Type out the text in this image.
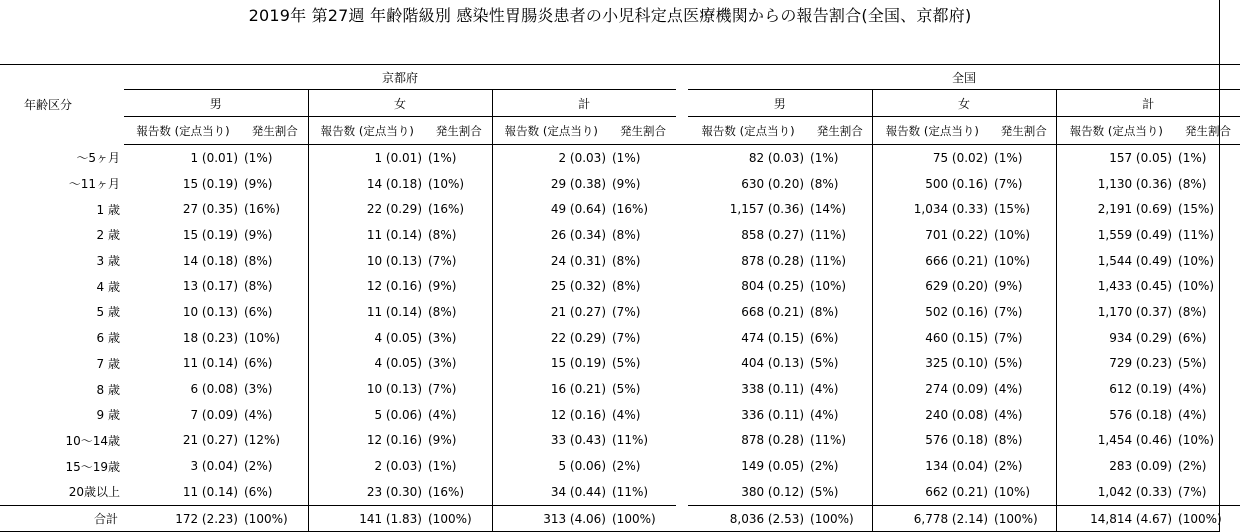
2019年 第27週 年齢階級別 感染性胃腸炎患者の小児科定点医療機関からの報告割合(全国、京都府)
年齢区分	京都府							全国					
	男		女		計			男		女		計	
	報告数 (定点当り)	発生割合	報告数 (定点当り)	発生割合	報告数 (定点当り)	発生割合		報告数 (定点当り)	発生割合	報告数 (定点当り)	発生割合	報告数 (定点当り)	発生割合
～5ヶ月	1 (0.01)	(1%)	1 (0.01)	(1%)	2 (0.03)	(1%)		82 (0.03)	(1%)	75 (0.02)	(1%)	157 (0.05)	(1%)
～11ヶ月	15 (0.19)	(9%)	14 (0.18)	(10%)	29 (0.38)	(9%)		630 (0.20)	(8%)	500 (0.16)	(7%)	1,130 (0.36)	(8%)
1 歳	27 (0.35)	(16%)	22 (0.29)	(16%)	49 (0.64)	(16%)		1,157 (0.36)	(14%)	1,034 (0.33)	(15%)	2,191 (0.69)	(15%)
2 歳	15 (0.19)	(9%)	11 (0.14)	(8%)	26 (0.34)	(8%)		858 (0.27)	(11%)	701 (0.22)	(10%)	1,559 (0.49)	(11%)
3 歳	14 (0.18)	(8%)	10 (0.13)	(7%)	24 (0.31)	(8%)		878 (0.28)	(11%)	666 (0.21)	(10%)	1,544 (0.49)	(10%)
4 歳	13 (0.17)	(8%)	12 (0.16)	(9%)	25 (0.32)	(8%)		804 (0.25)	(10%)	629 (0.20)	(9%)	1,433 (0.45)	(10%)
5 歳	10 (0.13)	(6%)	11 (0.14)	(8%)	21 (0.27)	(7%)		668 (0.21)	(8%)	502 (0.16)	(7%)	1,170 (0.37)	(8%)
6 歳	18 (0.23)	(10%)	4 (0.05)	(3%)	22 (0.29)	(7%)		474 (0.15)	(6%)	460 (0.15)	(7%)	934 (0.29)	(6%)
7 歳	11 (0.14)	(6%)	4 (0.05)	(3%)	15 (0.19)	(5%)		404 (0.13)	(5%)	325 (0.10)	(5%)	729 (0.23)	(5%)
8 歳	6 (0.08)	(3%)	10 (0.13)	(7%)	16 (0.21)	(5%)		338 (0.11)	(4%)	274 (0.09)	(4%)	612 (0.19)	(4%)
9 歳	7 (0.09)	(4%)	5 (0.06)	(4%)	12 (0.16)	(4%)		336 (0.11)	(4%)	240 (0.08)	(4%)	576 (0.18)	(4%)
10～14歳	21 (0.27)	(12%)	12 (0.16)	(9%)	33 (0.43)	(11%)		878 (0.28)	(11%)	576 (0.18)	(8%)	1,454 (0.46)	(10%)
15～19歳	3 (0.04)	(2%)	2 (0.03)	(1%)	5 (0.06)	(2%)		149 (0.05)	(2%)	134 (0.04)	(2%)	283 (0.09)	(2%)
20歳以上	11 (0.14)	(6%)	23 (0.30)	(16%)	34 (0.44)	(11%)		380 (0.12)	(5%)	662 (0.21)	(10%)	1,042 (0.33)	(7%)
合計	172 (2.23)	(100%)	141 (1.83)	(100%)	313 (4.06)	(100%)		8,036 (2.53)	(100%)	6,778 (2.14)	(100%)	14,814 (4.67)	(100%)
